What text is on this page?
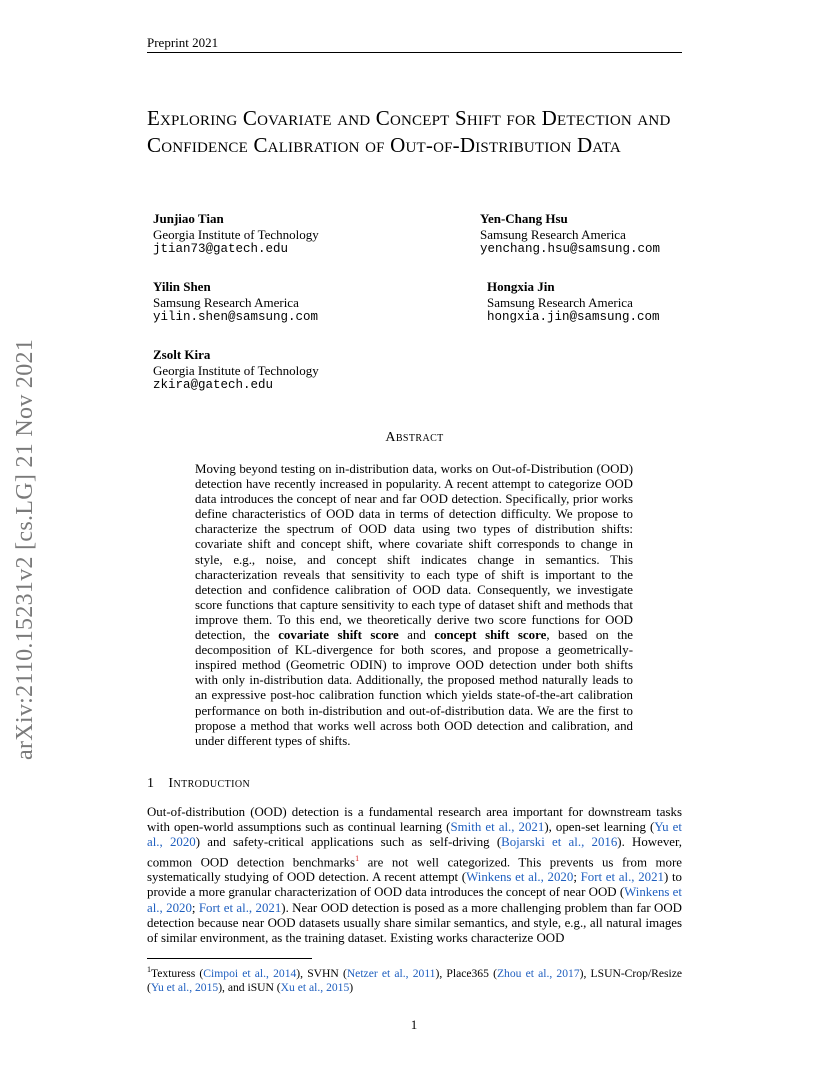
Preprint 2021
arXiv:2110.15231v2 [cs.LG] 21 Nov 2021
Exploring Covariate and Concept Shift for Detection and Confidence Calibration of Out-of-Distribution Data
Junjiao Tian
Georgia Institute of Technology
jtian73@gatech.edu
Yen-Chang Hsu
Samsung Research America
yenchang.hsu@samsung.com
Yilin Shen
Samsung Research America
yilin.shen@samsung.com
Hongxia Jin
Samsung Research America
hongxia.jin@samsung.com
Zsolt Kira
Georgia Institute of Technology
zkira@gatech.edu
Abstract
Moving beyond testing on in-distribution data, works on Out-of-Distribution (OOD) detection have recently increased in popularity. A recent attempt to categorize OOD data introduces the concept of near and far OOD detection. Specifically, prior works define characteristics of OOD data in terms of detection difficulty. We propose to characterize the spectrum of OOD data using two types of distribution shifts: covariate shift and concept shift, where covariate shift corresponds to change in style, e.g., noise, and concept shift indicates change in semantics. This characterization reveals that sensitivity to each type of shift is important to the detection and confidence calibration of OOD data. Consequently, we investigate score functions that capture sensitivity to each type of dataset shift and methods that improve them. To this end, we theoretically derive two score functions for OOD detection, the covariate shift score and concept shift score, based on the decomposition of KL-divergence for both scores, and propose a geometrically-inspired method (Geometric ODIN) to improve OOD detection under both shifts with only in-distribution data. Additionally, the proposed method naturally leads to an expressive post-hoc calibration function which yields state-of-the-art calibration performance on both in-distribution and out-of-distribution data. We are the first to propose a method that works well across both OOD detection and calibration, and under different types of shifts.
1 Introduction
Out-of-distribution (OOD) detection is a fundamental research area important for downstream tasks with open-world assumptions such as continual learning (Smith et al., 2021), open-set learning (Yu et al., 2020) and safety-critical applications such as self-driving (Bojarski et al., 2016). However, common OOD detection benchmarks$^1$ are not well categorized. This prevents us from more systematically studying of OOD detection. A recent attempt (Winkens et al., 2020; Fort et al., 2021) to provide a more granular characterization of OOD data introduces the concept of near OOD (Winkens et al., 2020; Fort et al., 2021). Near OOD detection is posed as a more challenging problem than far OOD detection because near OOD datasets usually share similar semantics, and style, e.g., all natural images of similar environment, as the training dataset. Existing works characterize OOD
$^1$Texturess (Cimpoi et al., 2014), SVHN (Netzer et al., 2011), Place365 (Zhou et al., 2017), LSUN-Crop/Resize (Yu et al., 2015), and iSUN (Xu et al., 2015)
1
